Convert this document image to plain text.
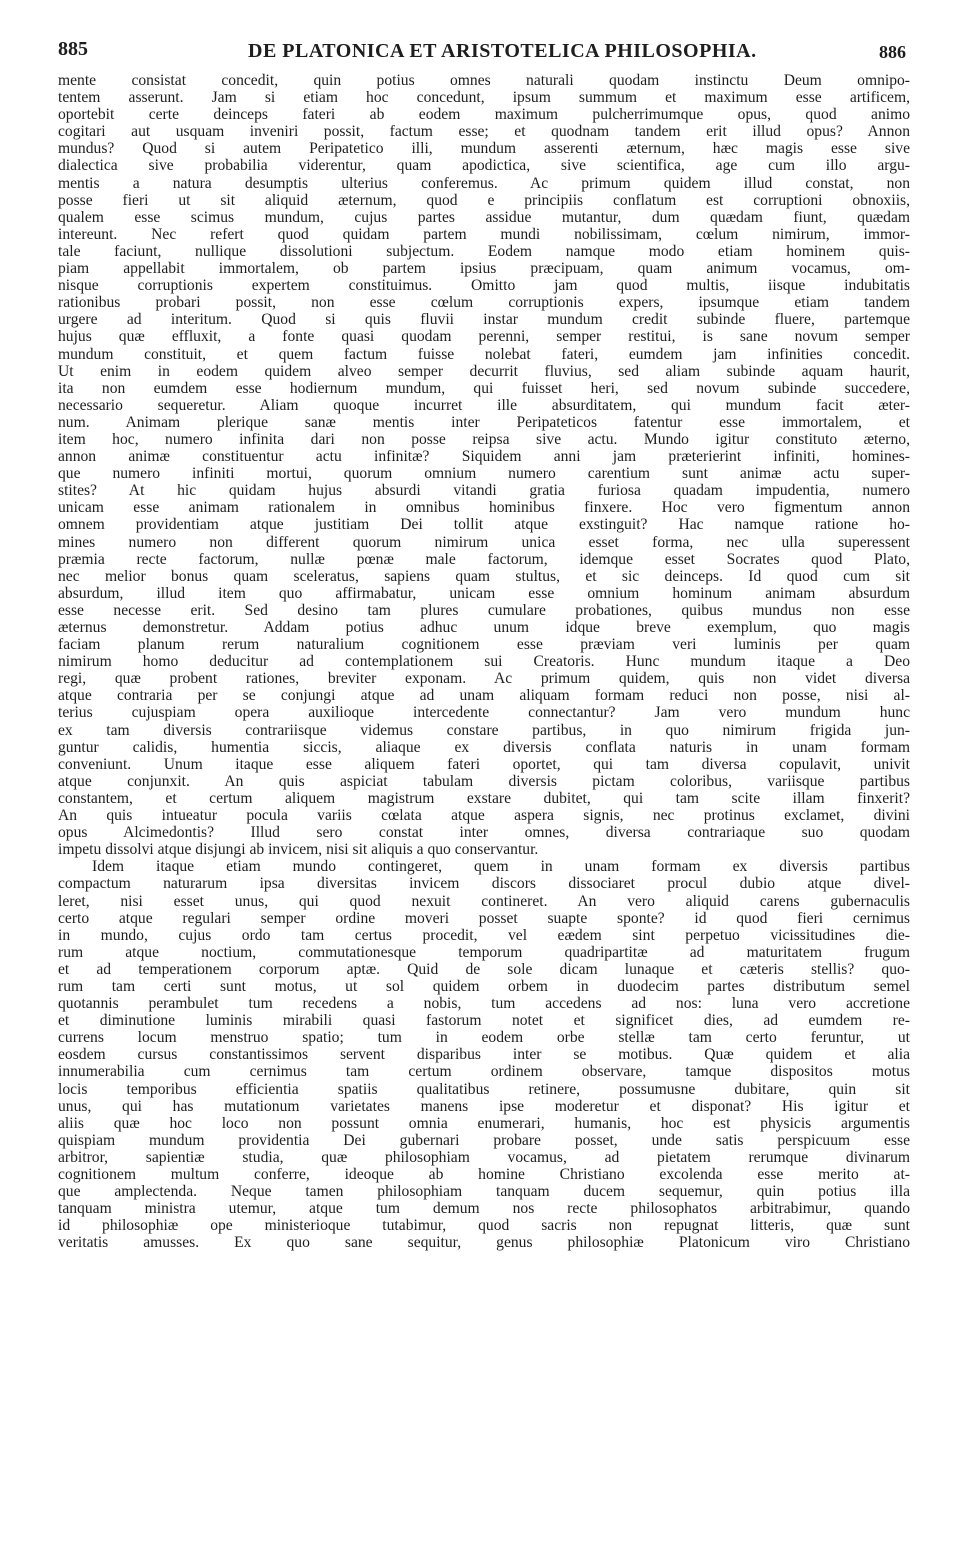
885	DE PLATONICA ET ARISTOTELICA PHILOSOPHIA.	886
mente consistat concedit, quin potius omnes naturali quodam instinctu Deum omnipo-
tentem asserunt. Jam si etiam hoc concedunt, ipsum summum et maximum esse artificem,
oportebit certe deinceps fateri ab eodem maximum pulcherrimumque opus, quod animo
cogitari aut usquam inveniri possit, factum esse; et quodnam tandem erit illud opus? Annon
mundus? Quod si autem Peripatetico illi, mundum asserenti æternum, hæc magis esse sive
dialectica sive probabilia viderentur, quam apodictica, sive scientifica, age cum illo argu-
mentis a natura desumptis ulterius conferemus. Ac primum quidem illud constat, non
posse fieri ut sit aliquid æternum, quod e principiis conflatum est corruptioni obnoxiis,
qualem esse scimus mundum, cujus partes assidue mutantur, dum quædam fiunt, quædam
intereunt. Nec refert quod quidam partem mundi nobilissimam, cœlum nimirum, immor-
tale faciunt, nullique dissolutioni subjectum. Eodem namque modo etiam hominem quis-
piam appellabit immortalem, ob partem ipsius præcipuam, quam animum vocamus, om-
nisque corruptionis expertem constituimus. Omitto jam quod multis, iisque indubitatis
rationibus probari possit, non esse cœlum corruptionis expers, ipsumque etiam tandem
urgere ad interitum. Quod si quis fluvii instar mundum credit subinde fluere, partemque
hujus quæ effluxit, a fonte quasi quodam perenni, semper restitui, is sane novum semper
mundum constituit, et quem factum fuisse nolebat fateri, eumdem jam infinities concedit.
Ut enim in eodem quidem alveo semper decurrit fluvius, sed aliam subinde aquam haurit,
ita non eumdem esse hodiernum mundum, qui fuisset heri, sed novum subinde succedere,
necessario sequeretur. Aliam quoque incurret ille absurditatem, qui mundum facit æter-
num. Animam plerique sanæ mentis inter Peripateticos fatentur esse immortalem, et
item hoc, numero infinita dari non posse reipsa sive actu. Mundo igitur constituto æterno,
annon animæ constituentur actu infinitæ? Siquidem anni jam præterierint infiniti, homines-
que numero infiniti mortui, quorum omnium numero carentium sunt animæ actu super-
stites? At hic quidam hujus absurdi vitandi gratia furiosa quadam impudentia, numero
unicam esse animam rationalem in omnibus hominibus finxere. Hoc vero figmentum annon
omnem providentiam atque justitiam Dei tollit atque exstinguit? Hac namque ratione ho-
mines numero non different quorum nimirum unica esset forma, nec ulla superessent
præmia recte factorum, nullæ pœnæ male factorum, idemque esset Socrates quod Plato,
nec melior bonus quam sceleratus, sapiens quam stultus, et sic deinceps. Id quod cum sit
absurdum, illud item quo affirmabatur, unicam esse omnium hominum animam absurdum
esse necesse erit. Sed desino tam plures cumulare probationes, quibus mundus non esse
æternus demonstretur. Addam potius adhuc unum idque breve exemplum, quo magis
faciam planum rerum naturalium cognitionem esse præviam veri luminis per quam
nimirum homo deducitur ad contemplationem sui Creatoris. Hunc mundum itaque a Deo
regi, quæ probent rationes, breviter exponam. Ac primum quidem, quis non videt diversa
atque contraria per se conjungi atque ad unam aliquam formam reduci non posse, nisi al-
terius cujuspiam opera auxilioque intercedente connectantur? Jam vero mundum hunc
ex tam diversis contrariisque videmus constare partibus, in quo nimirum frigida jun-
guntur calidis, humentia siccis, aliaque ex diversis conflata naturis in unam formam
conveniunt. Unum itaque esse aliquem fateri oportet, qui tam diversa copulavit, univit
atque conjunxit. An quis aspiciat tabulam diversis pictam coloribus, variisque partibus
constantem, et certum aliquem magistrum exstare dubitet, qui tam scite illam finxerit?
An quis intueatur pocula variis cœlata atque aspera signis, nec protinus exclamet, divini
opus Alcimedontis? Illud sero constat inter omnes, diversa contrariaque suo quodam
impetu dissolvi atque disjungi ab invicem, nisi sit aliquis a quo conservantur.
Idem itaque etiam mundo contingeret, quem in unam formam ex diversis partibus
compactum naturarum ipsa diversitas invicem discors dissociaret procul dubio atque divel-
leret, nisi esset unus, qui quod nexuit contineret. An vero aliquid carens gubernaculis
certo atque regulari semper ordine moveri posset suapte sponte? id quod fieri cernimus
in mundo, cujus ordo tam certus procedit, vel eædem sint perpetuo vicissitudines die-
rum atque noctium, commutationesque temporum quadripartitæ ad maturitatem frugum
et ad temperationem corporum aptæ. Quid de sole dicam lunaque et cæteris stellis? quo-
rum tam certi sunt motus, ut sol quidem orbem in duodecim partes distributum semel
quotannis perambulet tum recedens a nobis, tum accedens ad nos: luna vero accretione
et diminutione luminis mirabili quasi fastorum notet et significet dies, ad eumdem re-
currens locum menstruo spatio; tum in eodem orbe stellæ tam certo feruntur, ut
eosdem cursus constantissimos servent disparibus inter se motibus. Quæ quidem et alia
innumerabilia cum cernimus tam certum ordinem observare, tamque dispositos motus
locis temporibus efficientia spatiis qualitatibus retinere, possumusne dubitare, quin sit
unus, qui has mutationum varietates manens ipse moderetur et disponat? His igitur et
aliis quæ hoc loco non possunt omnia enumerari, humanis, hoc est physicis argumentis
quispiam mundum providentia Dei gubernari probare posset, unde satis perspicuum esse
arbitror, sapientiæ studia, quæ philosophiam vocamus, ad pietatem rerumque divinarum
cognitionem multum conferre, ideoque ab homine Christiano excolenda esse merito at-
que amplectenda. Neque tamen philosophiam tanquam ducem sequemur, quin potius illa
tanquam ministra utemur, atque tum demum nos recte philosophatos arbitrabimur, quando
id philosophiæ ope ministerioque tutabimur, quod sacris non repugnat litteris, quæ sunt
veritatis amusses. Ex quo sane sequitur, genus philosophiæ Platonicum viro Christiano
